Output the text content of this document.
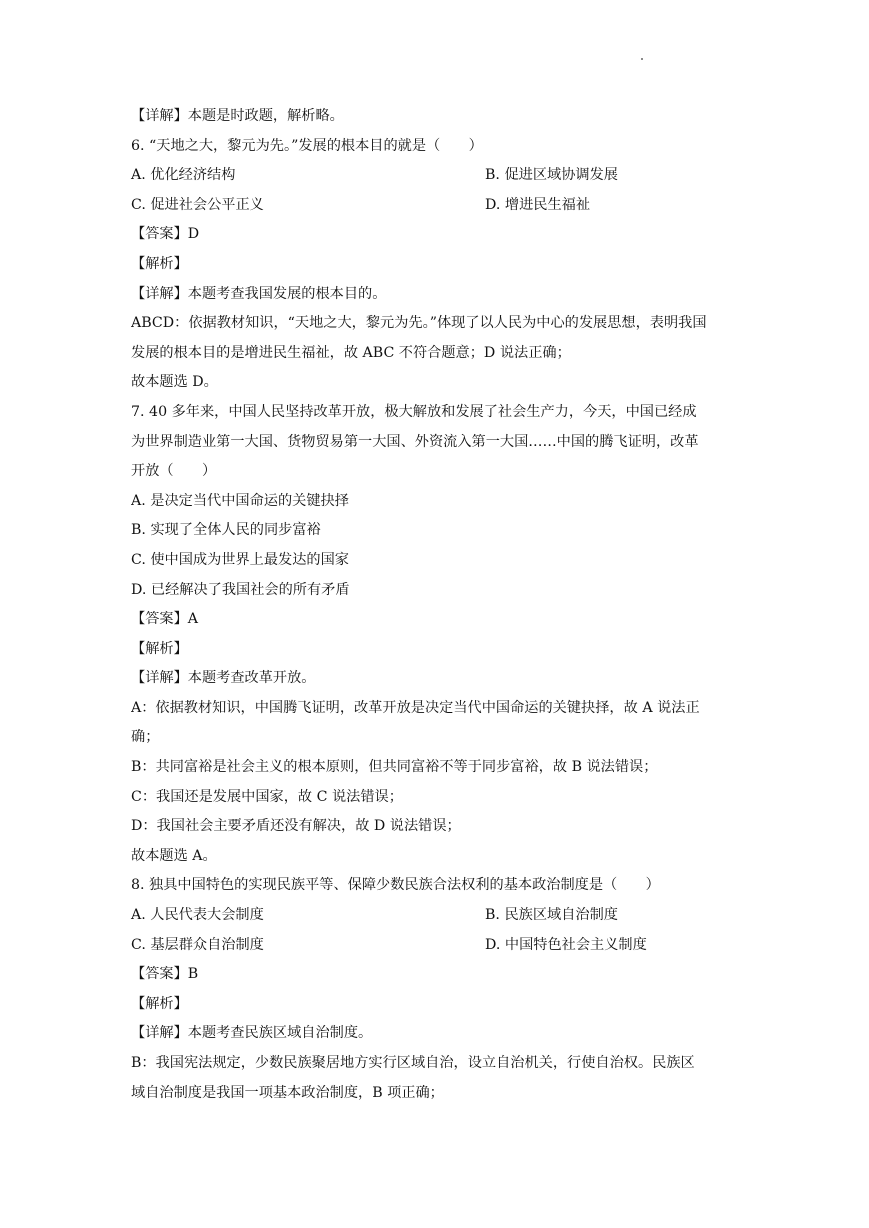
【详解】本题是时政题，解析略。
6. “天地之大，黎元为先。”发展的根本目的就是（　　）
A. 优化经济结构	B. 促进区域协调发展
C. 促进社会公平正义	D. 增进民生福祉
【答案】D
【解析】
【详解】本题考查我国发展的根本目的。
ABCD：依据教材知识，“天地之大，黎元为先。”体现了以人民为中心的发展思想，表明我国
发展的根本目的是增进民生福祉，故 ABC 不符合题意；D 说法正确；
故本题选 D。
7. 40 多年来，中国人民坚持改革开放，极大解放和发展了社会生产力，今天，中国已经成
为世界制造业第一大国、货物贸易第一大国、外资流入第一大国……中国的腾飞证明，改革
开放（　　）
A. 是决定当代中国命运的关键抉择
B. 实现了全体人民的同步富裕
C. 使中国成为世界上最发达的国家
D. 已经解决了我国社会的所有矛盾
【答案】A
【解析】
【详解】本题考查改革开放。
A：依据教材知识，中国腾飞证明，改革开放是决定当代中国命运的关键抉择，故 A 说法正
确；
B：共同富裕是社会主义的根本原则，但共同富裕不等于同步富裕，故 B 说法错误；
C：我国还是发展中国家，故 C 说法错误；
D：我国社会主要矛盾还没有解决，故 D 说法错误；
故本题选 A。
8. 独具中国特色的实现民族平等、保障少数民族合法权利的基本政治制度是（　　）
A. 人民代表大会制度	B. 民族区域自治制度
C. 基层群众自治制度	D. 中国特色社会主义制度
【答案】B
【解析】
【详解】本题考查民族区域自治制度。
B：我国宪法规定，少数民族聚居地方实行区域自治，设立自治机关，行使自治权。民族区
域自治制度是我国一项基本政治制度，B 项正确；
